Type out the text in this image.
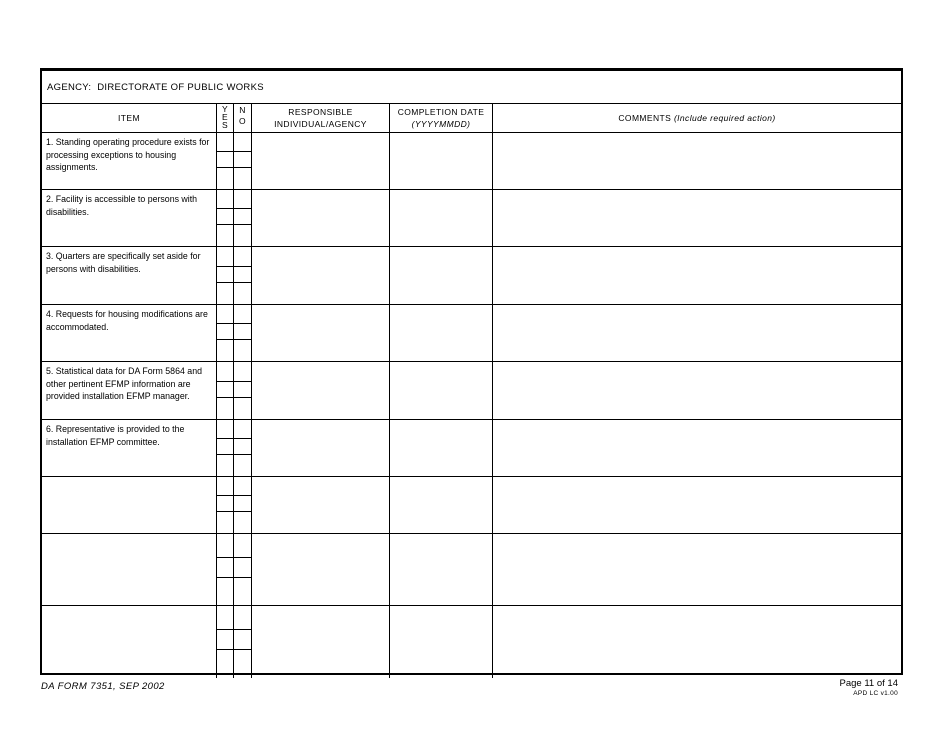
AGENCY: DIRECTORATE OF PUBLIC WORKS
ITEM
Y
E
S
N
O
RESPONSIBLE
INDIVIDUAL/AGENCY
COMPLETION DATE
(YYYYMMDD)
COMMENTS (Include required action)
1. Standing operating procedure exists for processing exceptions to housing assignments.
2. Facility is accessible to persons with disabilities.
3. Quarters are specifically set aside for persons with disabilities.
4. Requests for housing modifications are accommodated.
5. Statistical data for DA Form 5864 and other pertinent EFMP information are provided installation EFMP manager.
6. Representative is provided to the installation EFMP committee.
DA FORM 7351, SEP 2002	Page 11 of 14
APD LC v1.00
